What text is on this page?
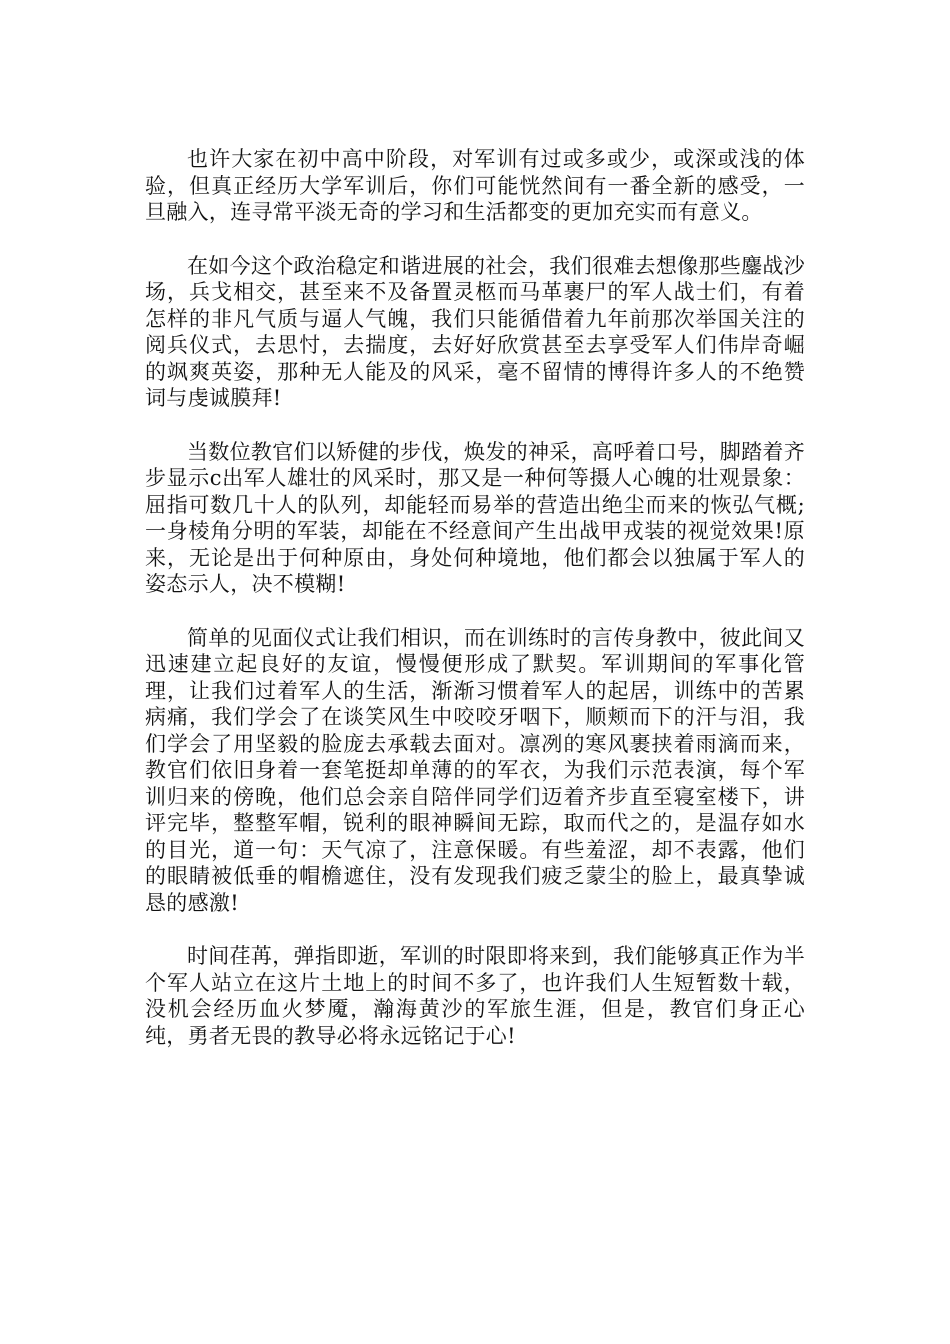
也许大家在初中高中阶段，对军训有过或多或少，或深或浅的体验，但真正经历大学军训后，你们可能恍然间有一番全新的感受，一旦融入，连寻常平淡无奇的学习和生活都变的更加充实而有意义。

在如今这个政治稳定和谐进展的社会，我们很难去想像那些鏖战沙场，兵戈相交，甚至来不及备置灵柩而马革裹尸的军人战士们，有着怎样的非凡气质与逼人气魄，我们只能循借着九年前那次举国关注的阅兵仪式，去思忖，去揣度，去好好欣赏甚至去享受军人们伟岸奇崛的飒爽英姿，那种无人能及的风采，毫不留情的博得许多人的不绝赞词与虔诚膜拜!

当数位教官们以矫健的步伐，焕发的神采，高呼着口号，脚踏着齐步显示c出军人雄壮的风采时，那又是一种何等摄人心魄的壮观景象：屈指可数几十人的队列，却能轻而易举的营造出绝尘而来的恢弘气概;一身棱角分明的军装，却能在不经意间产生出战甲戎装的视觉效果!原来，无论是出于何种原由，身处何种境地，他们都会以独属于军人的姿态示人，决不模糊!

简单的见面仪式让我们相识，而在训练时的言传身教中，彼此间又迅速建立起良好的友谊，慢慢便形成了默契。军训期间的军事化管理，让我们过着军人的生活，渐渐习惯着军人的起居，训练中的苦累病痛，我们学会了在谈笑风生中咬咬牙咽下，顺颊而下的汗与泪，我们学会了用坚毅的脸庞去承载去面对。凛冽的寒风裹挟着雨滴而来，教官们依旧身着一套笔挺却单薄的的军衣，为我们示范表演，每个军训归来的傍晚，他们总会亲自陪伴同学们迈着齐步直至寝室楼下，讲评完毕，整整军帽，锐利的眼神瞬间无踪，取而代之的，是温存如水的目光，道一句：天气凉了，注意保暖。有些羞涩，却不表露，他们的眼睛被低垂的帽檐遮住，没有发现我们疲乏蒙尘的脸上，最真挚诚恳的感激!

时间荏苒，弹指即逝，军训的时限即将来到，我们能够真正作为半个军人站立在这片土地上的时间不多了，也许我们人生短暂数十载，没机会经历血火梦魇，瀚海黄沙的军旅生涯，但是，教官们身正心纯，勇者无畏的教导必将永远铭记于心!
